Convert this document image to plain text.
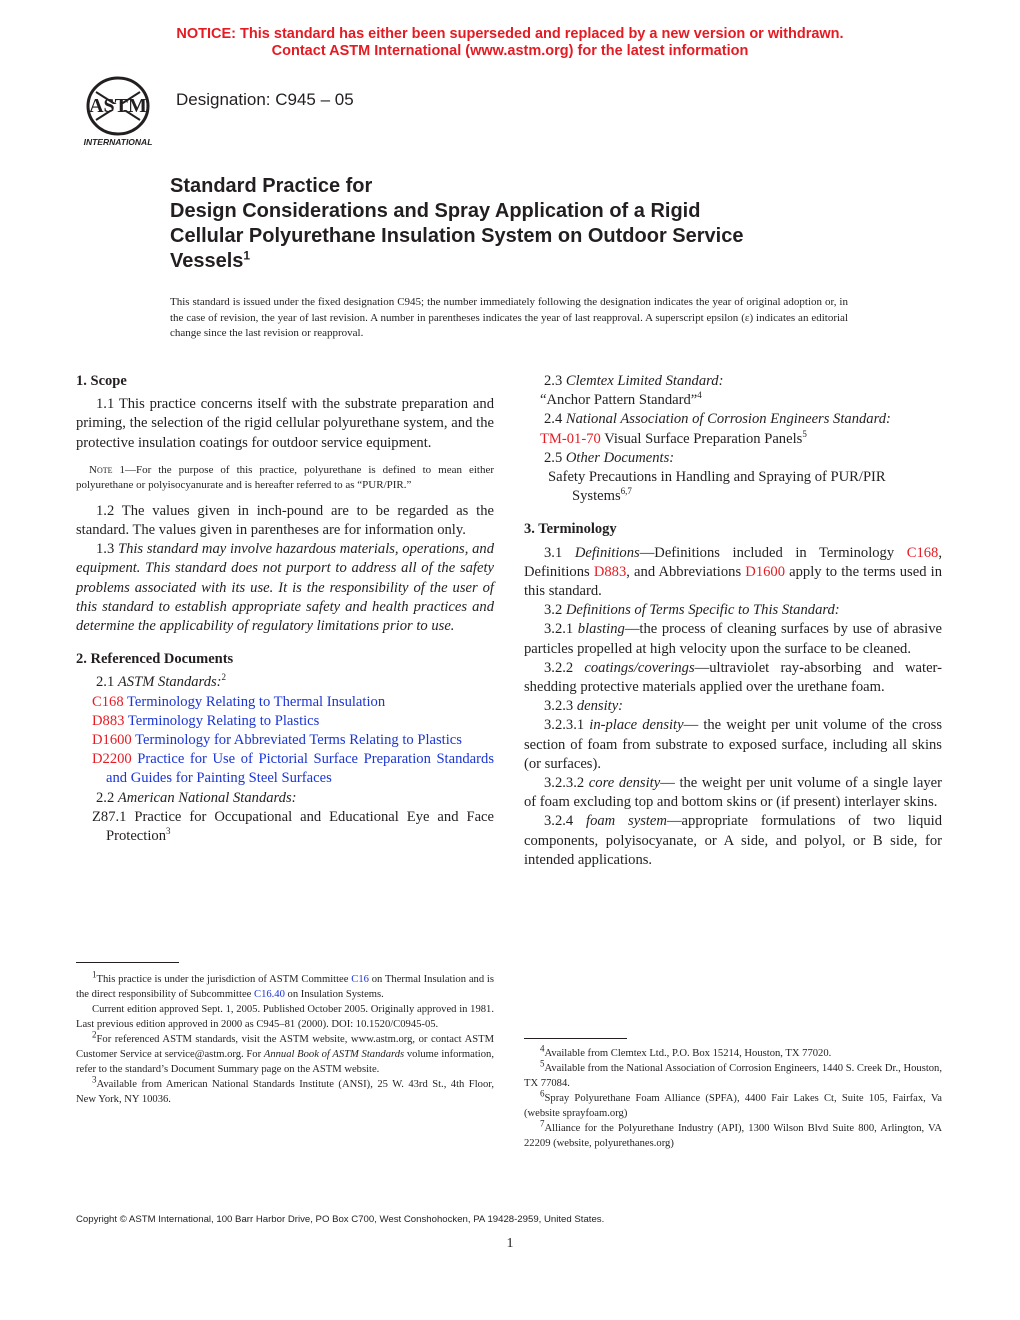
NOTICE: This standard has either been superseded and replaced by a new version or withdrawn.
Contact ASTM International (www.astm.org) for the latest information
ASTM
INTERNATIONAL
Designation: C945 – 05
Standard Practice for
Design Considerations and Spray Application of a Rigid
Cellular Polyurethane Insulation System on Outdoor Service
Vessels$^1$
This standard is issued under the fixed designation C945; the number immediately following the designation indicates the year of original adoption or, in the case of revision, the year of last revision. A number in parentheses indicates the year of last reapproval. A superscript epsilon (ε) indicates an editorial change since the last revision or reapproval.

1. Scope

1.1 This practice concerns itself with the substrate preparation and priming, the selection of the rigid cellular polyurethane system, and the protective insulation coatings for outdoor service equipment.

Note 1—For the purpose of this practice, polyurethane is defined to mean either polyurethane or polyisocyanurate and is hereafter referred to as “PUR/PIR.”

1.2 The values given in inch-pound are to be regarded as the standard. The values given in parentheses are for information only.

1.3 This standard may involve hazardous materials, operations, and equipment. This standard does not purport to address all of the safety problems associated with its use. It is the responsibility of the user of this standard to establish appropriate safety and health practices and determine the applicability of regulatory limitations prior to use.

2. Referenced Documents

2.1 ASTM Standards:$^2$

C168 Terminology Relating to Thermal Insulation

D883 Terminology Relating to Plastics

D1600 Terminology for Abbreviated Terms Relating to Plastics

D2200 Practice for Use of Pictorial Surface Preparation Standards and Guides for Painting Steel Surfaces

2.2 American National Standards:

Z87.1 Practice for Occupational and Educational Eye and Face Protection$^3$

2.3 Clemtex Limited Standard:

“Anchor Pattern Standard”$^4$

2.4 National Association of Corrosion Engineers Standard:

TM-01-70 Visual Surface Preparation Panels$^5$

2.5 Other Documents:

Safety Precautions in Handling and Spraying of PUR/PIR Systems$^{6,7}$

3. Terminology

3.1 Definitions—Definitions included in Terminology C168, Definitions D883, and Abbreviations D1600 apply to the terms used in this standard.

3.2 Definitions of Terms Specific to This Standard:

3.2.1 blasting—the process of cleaning surfaces by use of abrasive particles propelled at high velocity upon the surface to be cleaned.

3.2.2 coatings/coverings—ultraviolet ray-absorbing and water-shedding protective materials applied over the urethane foam.

3.2.3 density:

3.2.3.1 in-place density— the weight per unit volume of the cross section of foam from substrate to exposed surface, including all skins (or surfaces).

3.2.3.2 core density— the weight per unit volume of a single layer of foam excluding top and bottom skins or (if present) interlayer skins.

3.2.4 foam system—appropriate formulations of two liquid components, polyisocyanate, or A side, and polyol, or B side, for intended applications.

$^1$This practice is under the jurisdiction of ASTM Committee C16 on Thermal Insulation and is the direct responsibility of Subcommittee C16.40 on Insulation Systems.

Current edition approved Sept. 1, 2005. Published October 2005. Originally approved in 1981. Last previous edition approved in 2000 as C945–81 (2000). DOI: 10.1520/C0945-05.

$^2$For referenced ASTM standards, visit the ASTM website, www.astm.org, or contact ASTM Customer Service at service@astm.org. For Annual Book of ASTM Standards volume information, refer to the standard’s Document Summary page on the ASTM website.

$^3$Available from American National Standards Institute (ANSI), 25 W. 43rd St., 4th Floor, New York, NY 10036.

$^4$Available from Clemtex Ltd., P.O. Box 15214, Houston, TX 77020.

$^5$Available from the National Association of Corrosion Engineers, 1440 S. Creek Dr., Houston, TX 77084.

$^6$Spray Polyurethane Foam Alliance (SPFA), 4400 Fair Lakes Ct, Suite 105, Fairfax, Va (website sprayfoam.org)

$^7$Alliance for the Polyurethane Industry (API), 1300 Wilson Blvd Suite 800, Arlington, VA 22209 (website, polyurethanes.org)

Copyright © ASTM International, 100 Barr Harbor Drive, PO Box C700, West Conshohocken, PA 19428-2959, United States.
1
